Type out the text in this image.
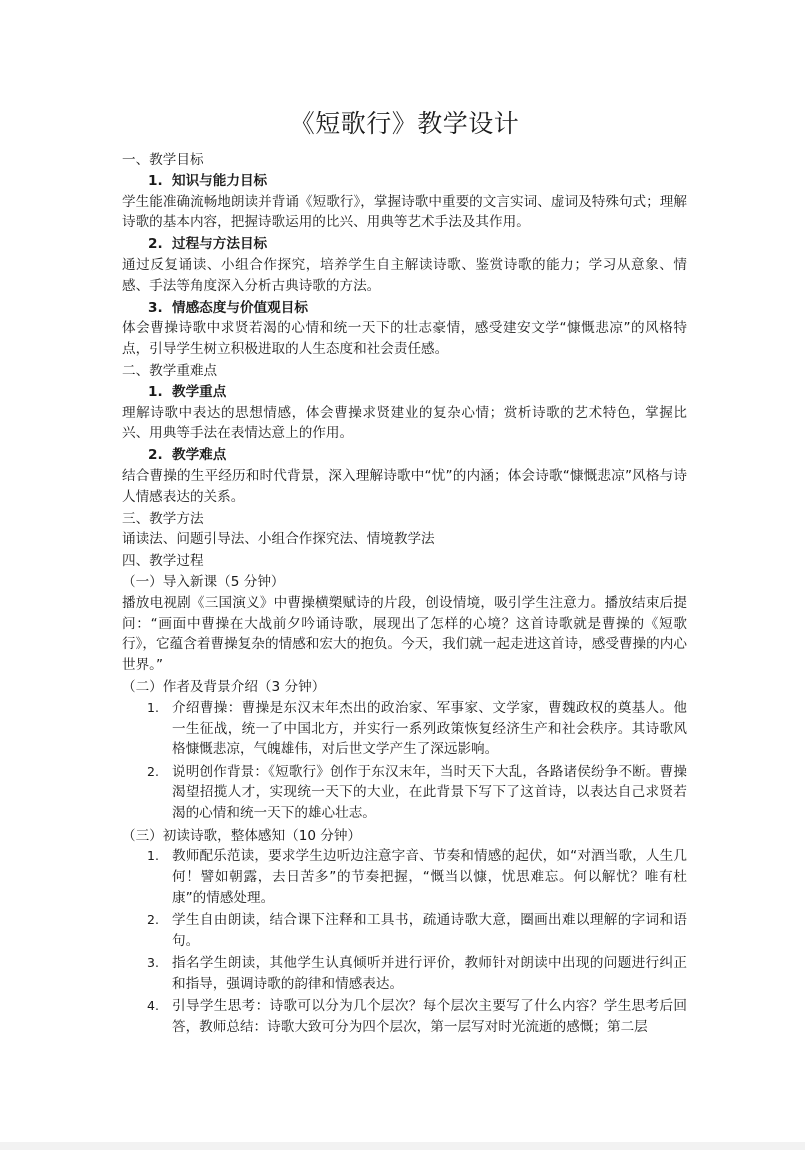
《短歌行》教学设计

一、教学目标

1. 知识与能力目标

学生能准确流畅地朗读并背诵《短歌行》，掌握诗歌中重要的文言实词、虚词及特殊句式；理解诗歌的基本内容，把握诗歌运用的比兴、用典等艺术手法及其作用。

2. 过程与方法目标

通过反复诵读、小组合作探究，培养学生自主解读诗歌、鉴赏诗歌的能力；学习从意象、情感、手法等角度深入分析古典诗歌的方法。

3. 情感态度与价值观目标

体会曹操诗歌中求贤若渴的心情和统一天下的壮志豪情，感受建安文学“慷慨悲凉”的风格特点，引导学生树立积极进取的人生态度和社会责任感。

二、教学重难点

1. 教学重点

理解诗歌中表达的思想情感，体会曹操求贤建业的复杂心情；赏析诗歌的艺术特色，掌握比兴、用典等手法在表情达意上的作用。

2. 教学难点

结合曹操的生平经历和时代背景，深入理解诗歌中“忧”的内涵；体会诗歌“慷慨悲凉”风格与诗人情感表达的关系。

三、教学方法

诵读法、问题引导法、小组合作探究法、情境教学法

四、教学过程

（一）导入新课（5 分钟）

播放电视剧《三国演义》中曹操横槊赋诗的片段，创设情境，吸引学生注意力。播放结束后提问：“画面中曹操在大战前夕吟诵诗歌，展现出了怎样的心境？这首诗歌就是曹操的《短歌行》，它蕴含着曹操复杂的情感和宏大的抱负。今天，我们就一起走进这首诗，感受曹操的内心世界。”

（二）作者及背景介绍（3 分钟）

1. 介绍曹操：曹操是东汉末年杰出的政治家、军事家、文学家，曹魏政权的奠基人。他一生征战，统一了中国北方，并实行一系列政策恢复经济生产和社会秩序。其诗歌风格慷慨悲凉，气魄雄伟，对后世文学产生了深远影响。
2. 说明创作背景：《短歌行》创作于东汉末年，当时天下大乱，各路诸侯纷争不断。曹操渴望招揽人才，实现统一天下的大业，在此背景下写下了这首诗，以表达自己求贤若渴的心情和统一天下的雄心壮志。

（三）初读诗歌，整体感知（10 分钟）

1. 教师配乐范读，要求学生边听边注意字音、节奏和情感的起伏，如“对酒当歌，人生几何！譬如朝露，去日苦多”的节奏把握，“慨当以慷，忧思难忘。何以解忧？唯有杜康”的情感处理。
2. 学生自由朗读，结合课下注释和工具书，疏通诗歌大意，圈画出难以理解的字词和语句。
3. 指名学生朗读，其他学生认真倾听并进行评价，教师针对朗读中出现的问题进行纠正和指导，强调诗歌的韵律和情感表达。
4. 引导学生思考：诗歌可以分为几个层次？每个层次主要写了什么内容？学生思考后回答，教师总结：诗歌大致可分为四个层次，第一层写对时光流逝的感慨；第二层
